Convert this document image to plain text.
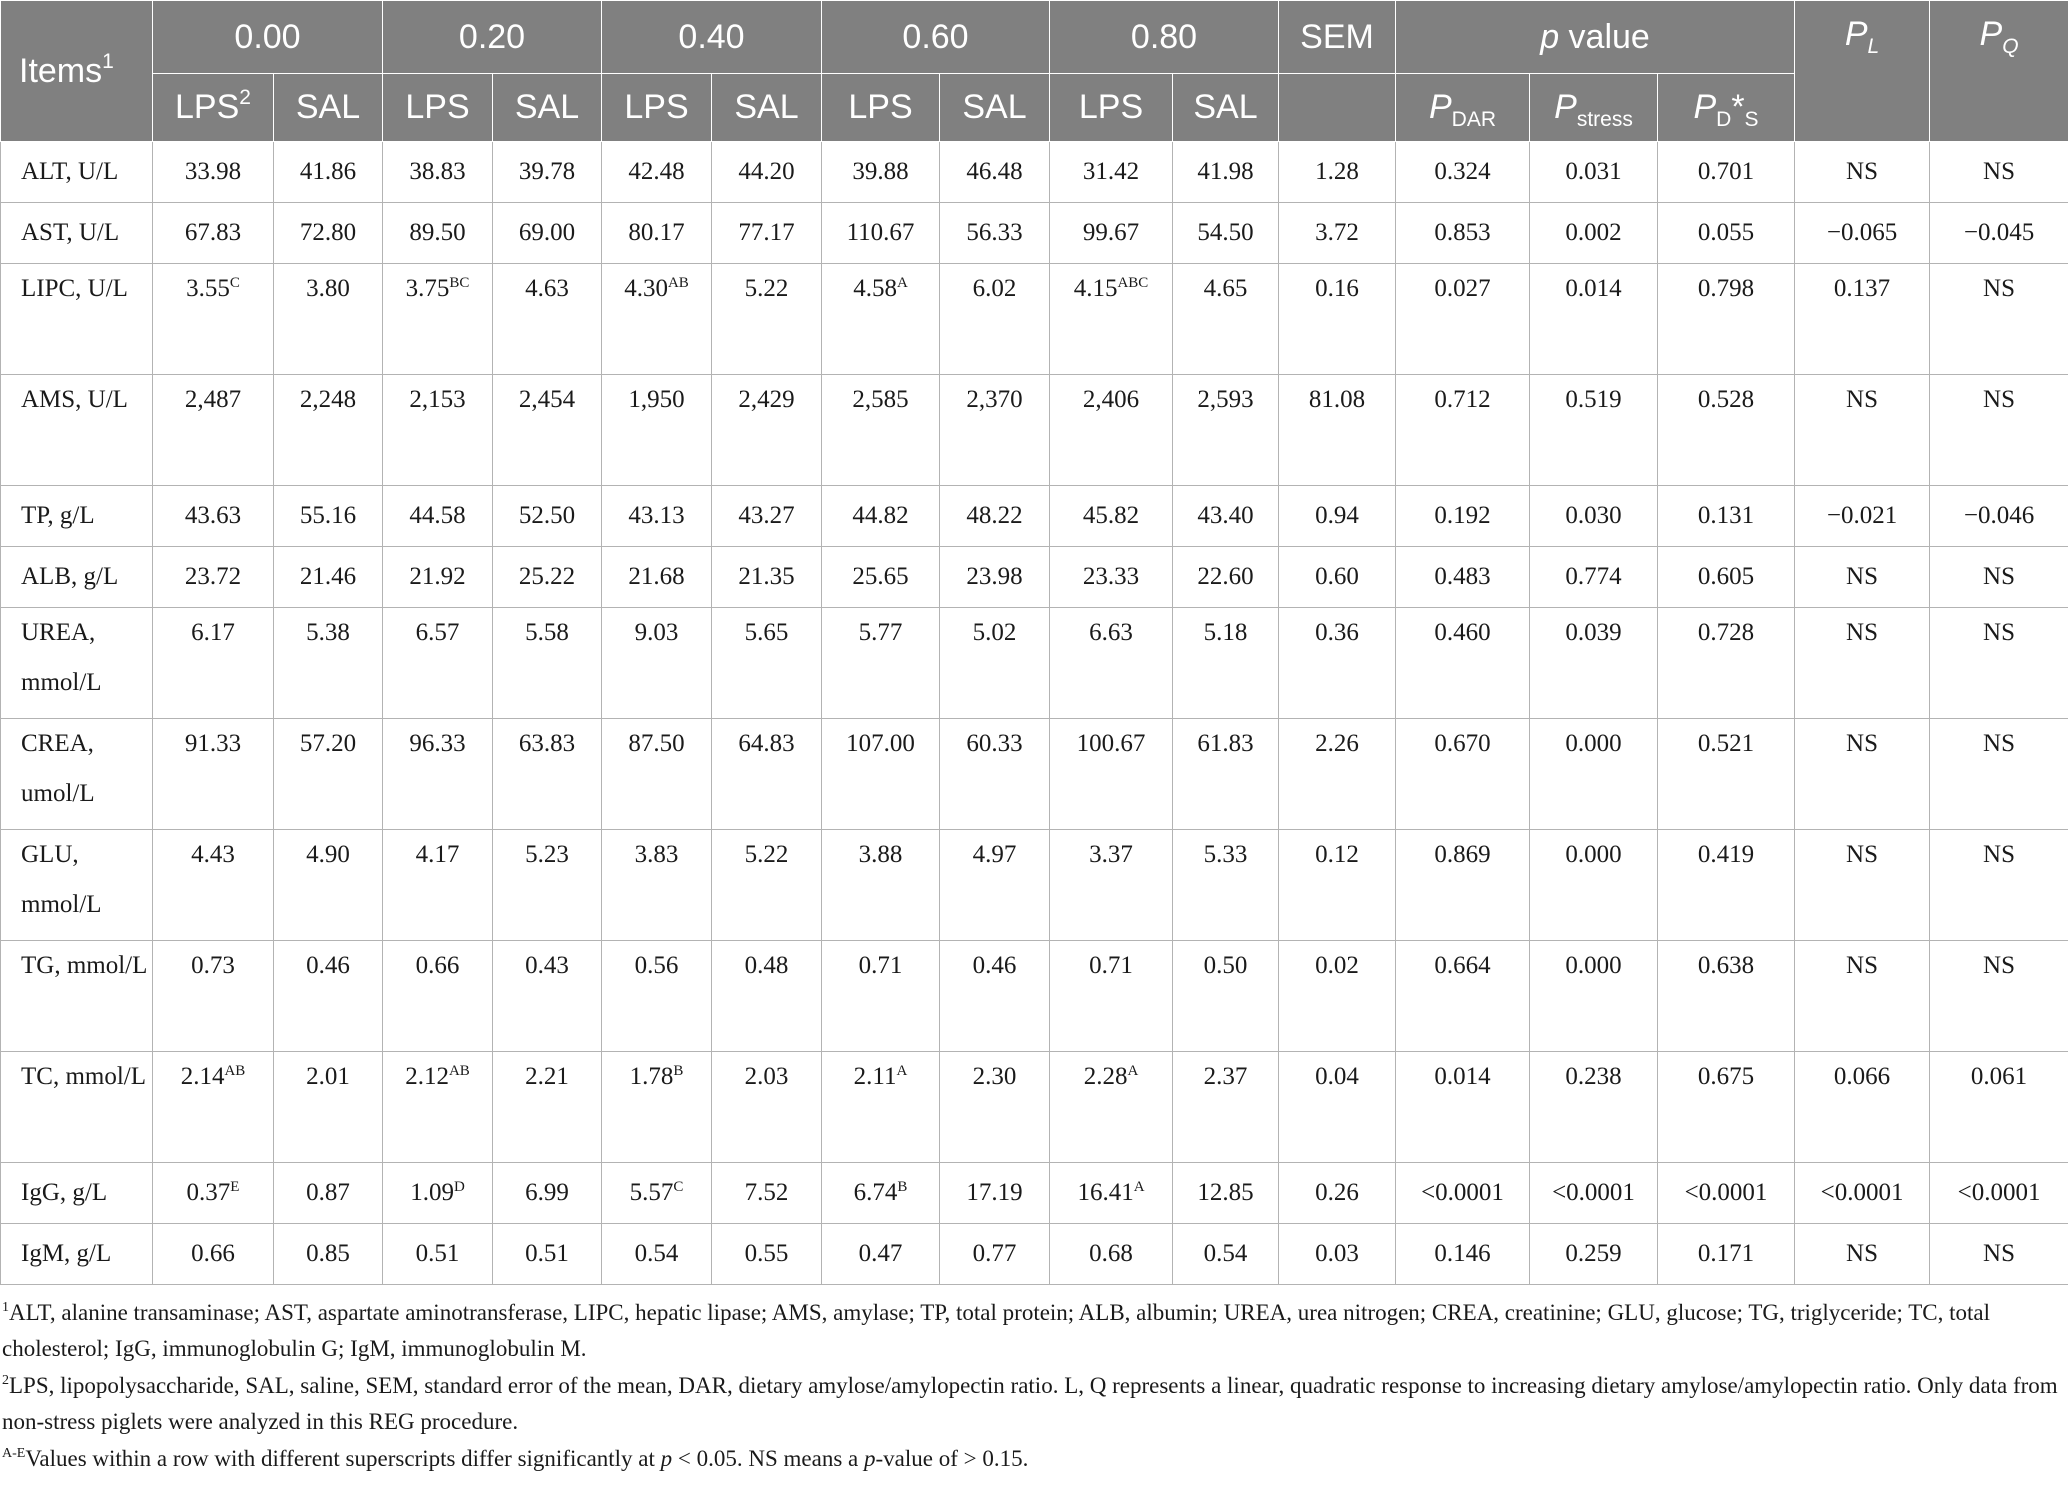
Items$^1$	0.00		0.20		0.40		0.60		0.80		SEM	p value			$P_L$	$P_Q$
	LPS$^2$	SAL	LPS	SAL	LPS	SAL	LPS	SAL	LPS	SAL		$P_{DAR}$	$P_{stress}$	$P_D*_S$
ALT, U/L	33.98	41.86	38.83	39.78	42.48	44.20	39.88	46.48	31.42	41.98	1.28	0.324	0.031	0.701	NS	NS
AST, U/L	67.83	72.80	89.50	69.00	80.17	77.17	110.67	56.33	99.67	54.50	3.72	0.853	0.002	0.055	−0.065	−0.045
LIPC, U/L	$3.55^C$	3.80	$3.75^{BC}$	4.63	$4.30^{AB}$	5.22	$4.58^A$	6.02	$4.15^{ABC}$	4.65	0.16	0.027	0.014	0.798	0.137	NS
AMS, U/L	2,487	2,248	2,153	2,454	1,950	2,429	2,585	2,370	2,406	2,593	81.08	0.712	0.519	0.528	NS	NS
TP, g/L	43.63	55.16	44.58	52.50	43.13	43.27	44.82	48.22	45.82	43.40	0.94	0.192	0.030	0.131	−0.021	−0.046
ALB, g/L	23.72	21.46	21.92	25.22	21.68	21.35	25.65	23.98	23.33	22.60	0.60	0.483	0.774	0.605	NS	NS
UREA, mmol/L	6.17	5.38	6.57	5.58	9.03	5.65	5.77	5.02	6.63	5.18	0.36	0.460	0.039	0.728	NS	NS
CREA, umol/L	91.33	57.20	96.33	63.83	87.50	64.83	107.00	60.33	100.67	61.83	2.26	0.670	0.000	0.521	NS	NS
GLU, mmol/L	4.43	4.90	4.17	5.23	3.83	5.22	3.88	4.97	3.37	5.33	0.12	0.869	0.000	0.419	NS	NS
TG, mmol/L	0.73	0.46	0.66	0.43	0.56	0.48	0.71	0.46	0.71	0.50	0.02	0.664	0.000	0.638	NS	NS
TC, mmol/L	$2.14^{AB}$	2.01	$2.12^{AB}$	2.21	$1.78^B$	2.03	$2.11^A$	2.30	$2.28^A$	2.37	0.04	0.014	0.238	0.675	0.066	0.061
IgG, g/L	$0.37^E$	0.87	$1.09^D$	6.99	$5.57^C$	7.52	$6.74^B$	17.19	$16.41^A$	12.85	0.26	<0.0001	<0.0001	<0.0001	<0.0001	<0.0001
IgM, g/L	0.66	0.85	0.51	0.51	0.54	0.55	0.47	0.77	0.68	0.54	0.03	0.146	0.259	0.171	NS	NS

$^1$ALT, alanine transaminase; AST, aspartate aminotransferase, LIPC, hepatic lipase; AMS, amylase; TP, total protein; ALB, albumin; UREA, urea nitrogen; CREA, creatinine; GLU, glucose; TG, triglyceride; TC, total cholesterol; IgG, immunoglobulin G; IgM, immunoglobulin M.

$^2$LPS, lipopolysaccharide, SAL, saline, SEM, standard error of the mean, DAR, dietary amylose/amylopectin ratio. L, Q represents a linear, quadratic response to increasing dietary amylose/amylopectin ratio. Only data from non-stress piglets were analyzed in this REG procedure.

$^{A-E}$Values within a row with different superscripts differ significantly at p < 0.05. NS means a p-value of > 0.15.
